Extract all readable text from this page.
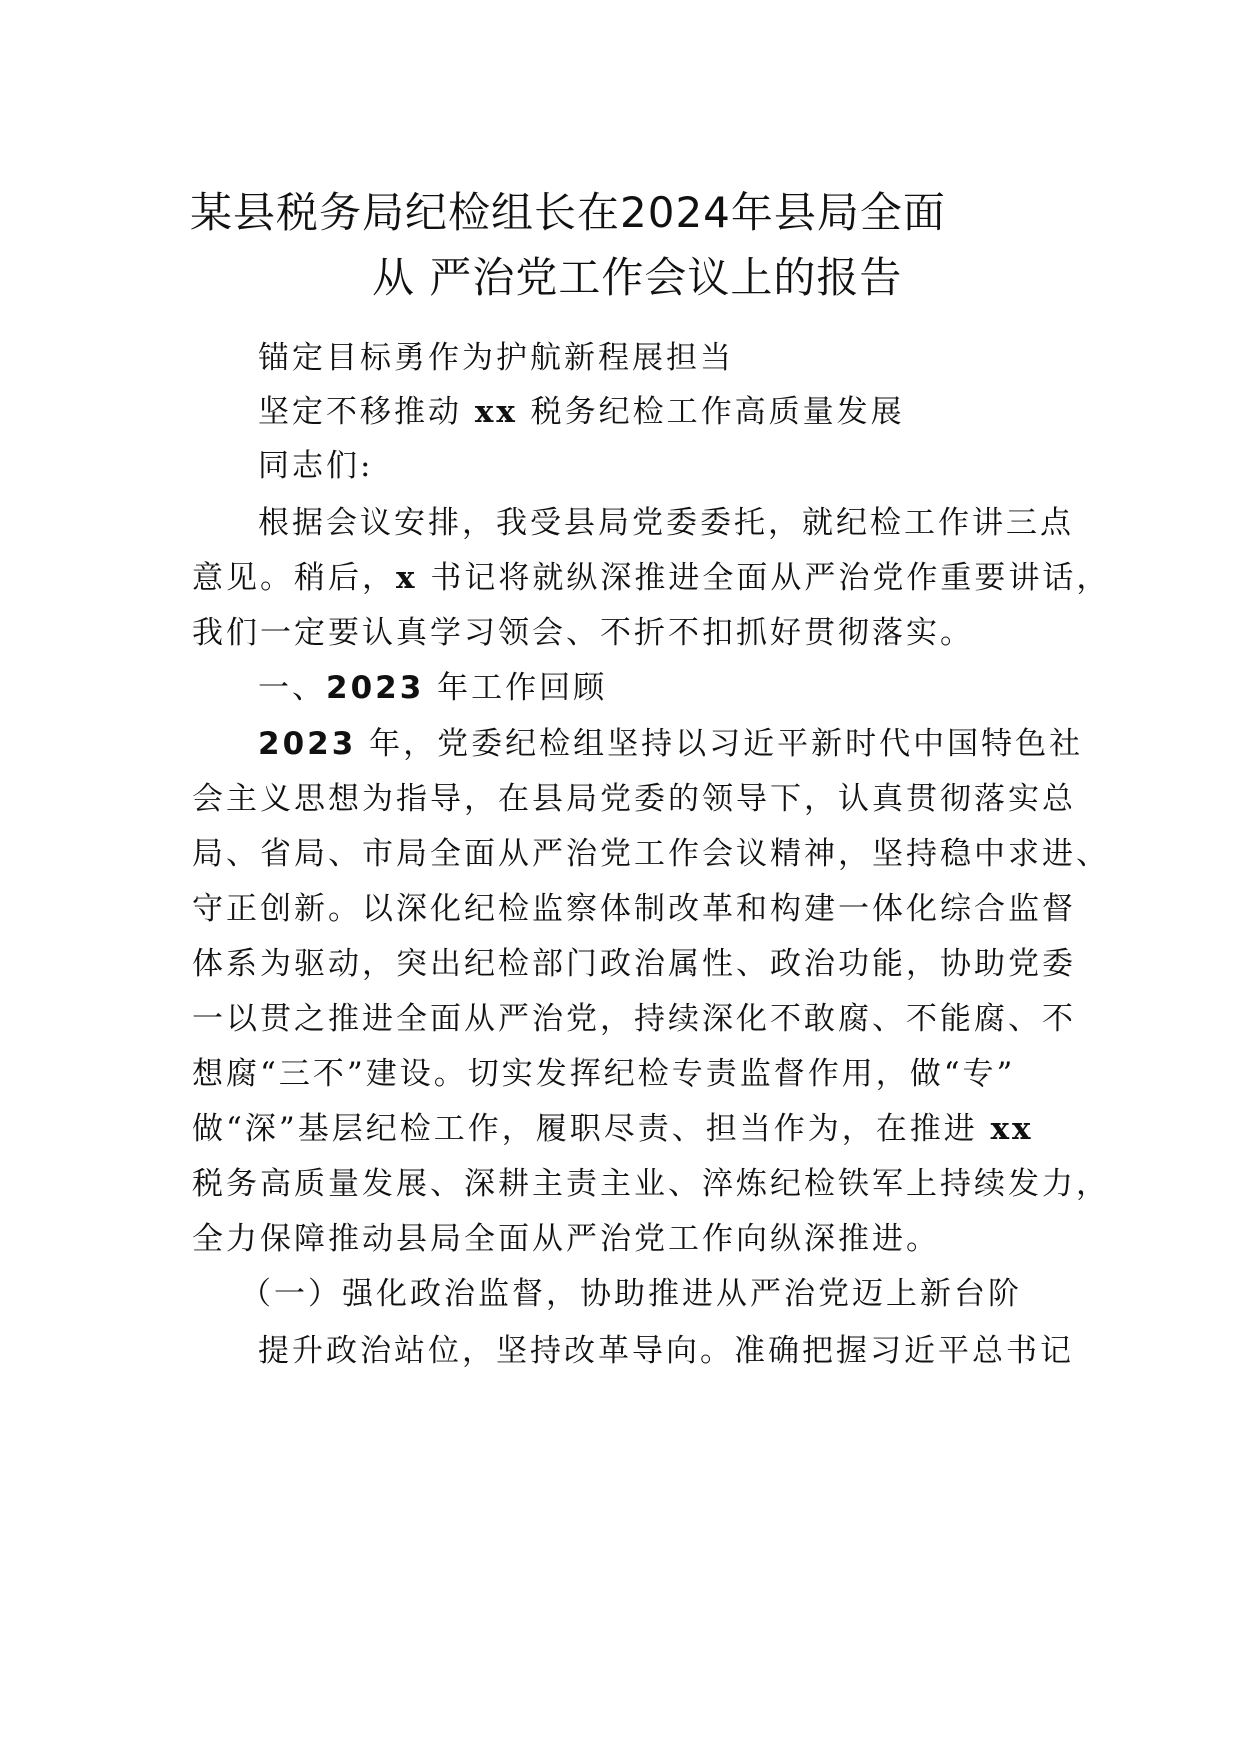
某县税务局纪检组长在2024年县局全面
从 严治党工作会议上的报告

锚定目标勇作为护航新程展担当

坚定不移推动 xx 税务纪检工作高质量发展

同志们:

根据会议安排，我受县局党委委托，就纪检工作讲三点

意见。稍后，x 书记将就纵深推进全面从严治党作重要讲话，

我们一定要认真学习领会、不折不扣抓好贯彻落实。

一、2023 年工作回顾

2023 年，党委纪检组坚持以习近平新时代中国特色社

会主义思想为指导，在县局党委的领导下，认真贯彻落实总

局、省局、市局全面从严治党工作会议精神，坚持稳中求进、

守正创新。以深化纪检监察体制改革和构建一体化综合监督

体系为驱动，突出纪检部门政治属性、政治功能，协助党委

一以贯之推进全面从严治党，持续深化不敢腐、不能腐、不

想腐“三不”建设。切实发挥纪检专责监督作用，做“专”

做“深”基层纪检工作，履职尽责、担当作为，在推进 xx

税务高质量发展、深耕主责主业、淬炼纪检铁军上持续发力，

全力保障推动县局全面从严治党工作向纵深推进。

（一）强化政治监督，协助推进从严治党迈上新台阶

提升政治站位，坚持改革导向。准确把握习近平总书记
